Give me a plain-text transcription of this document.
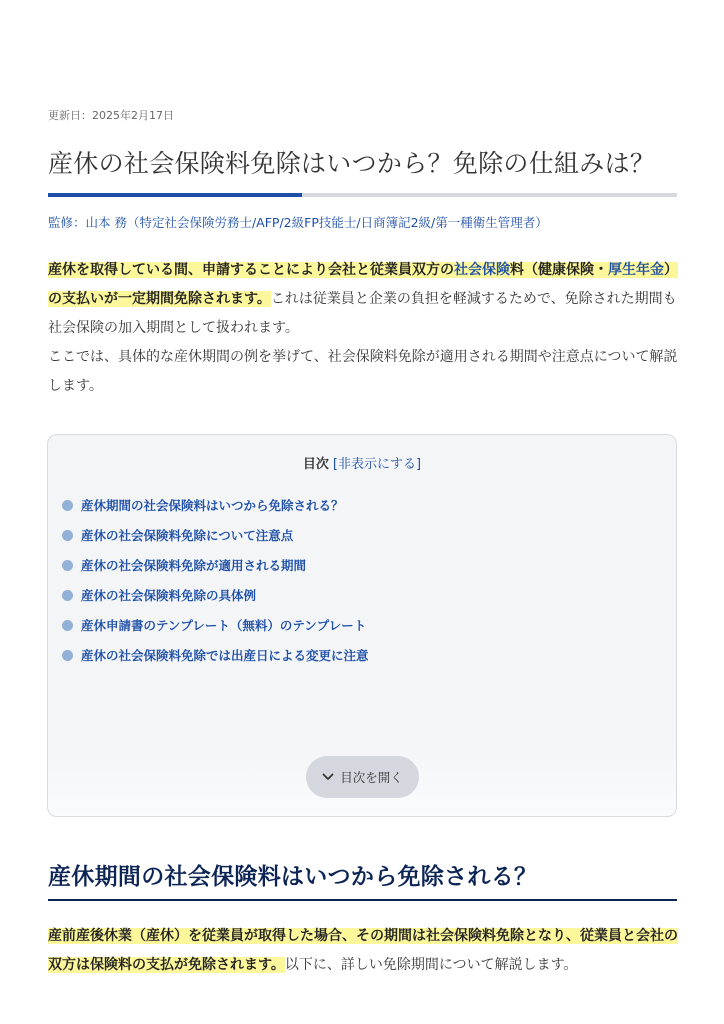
更新日：2025年2月17日
産休の社会保険料免除はいつから？免除の仕組みは？
監修：山本 務（特定社会保険労務士/AFP/2級FP技能士/日商簿記2級/第一種衛生管理者）

産休を取得している間、申請することにより会社と従業員双方の社会保険料（健康保険・厚生年金）の支払いが一定期間免除されます。これは従業員と企業の負担を軽減するためで、免除された期間も社会保険の加入期間として扱われます。

ここでは、具体的な産休期間の例を挙げて、社会保険料免除が適用される期間や注意点について解説します。

目次 [非表示にする]
産休期間の社会保険料はいつから免除される？
産休の社会保険料免除について注意点
産休の社会保険料免除が適用される期間
産休の社会保険料免除の具体例
産休申請書のテンプレート（無料）のテンプレート
産休の社会保険料免除では出産日による変更に注意
目次を開く
産休期間の社会保険料はいつから免除される？

産前産後休業（産休）を従業員が取得した場合、その期間は社会保険料免除となり、従業員と会社の双方は保険料の支払が免除されます。以下に、詳しい免除期間について解説します。
